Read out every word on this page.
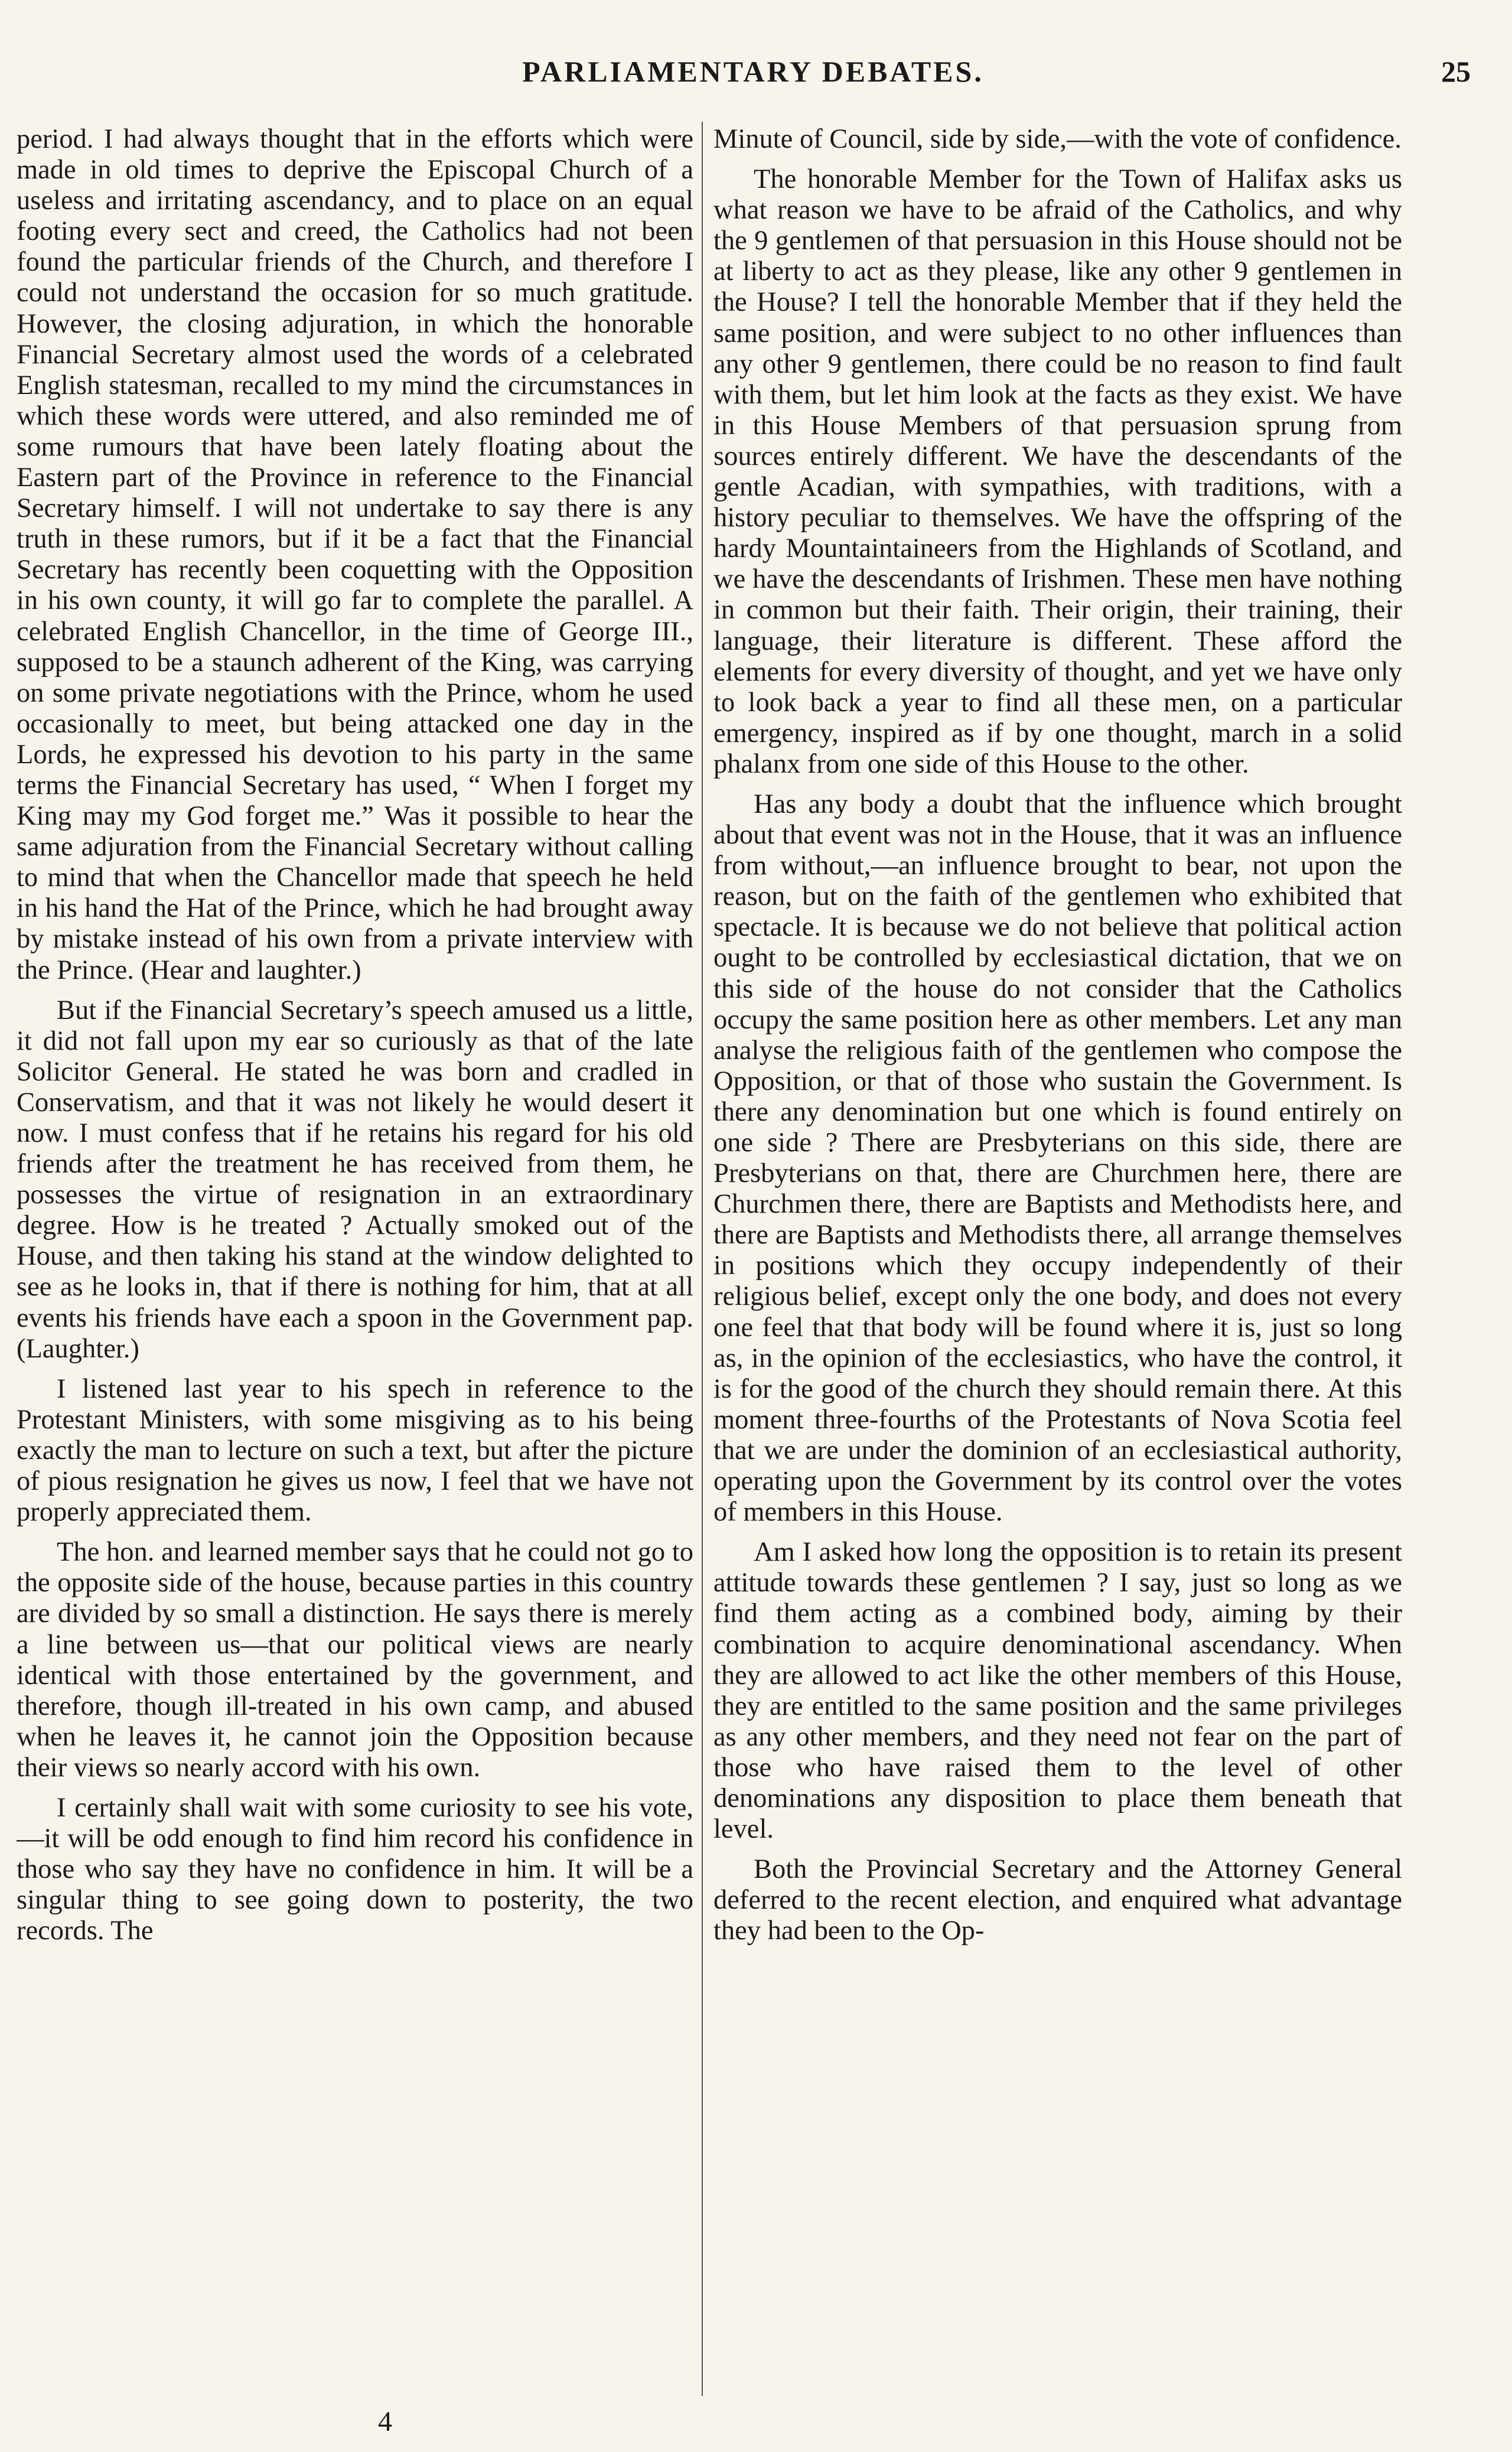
PARLIAMENTARY DEBATES.	25

period. I had always thought that in the efforts which were made in old times to deprive the Episcopal Church of a useless and irritating ascendancy, and to place on an equal footing every sect and creed, the Catholics had not been found the particular friends of the Church, and therefore I could not understand the occasion for so much gratitude. However, the closing adjuration, in which the honorable Financial Secretary almost used the words of a celebrated English statesman, recalled to my mind the circumstances in which these words were uttered, and also reminded me of some rumours that have been lately floating about the Eastern part of the Province in reference to the Financial Secretary himself. I will not undertake to say there is any truth in these rumors, but if it be a fact that the Financial Secretary has recently been coquetting with the Opposition in his own county, it will go far to complete the parallel. A celebrated English Chancellor, in the time of George III., supposed to be a staunch adherent of the King, was carrying on some private negotiations with the Prince, whom he used occasionally to meet, but being attacked one day in the Lords, he expressed his devotion to his party in the same terms the Financial Secretary has used, “ When I forget my King may my God forget me.” Was it possible to hear the same adjuration from the Financial Secretary without calling to mind that when the Chancellor made that speech he held in his hand the Hat of the Prince, which he had brought away by mistake instead of his own from a private interview with the Prince. (Hear and laughter.)

But if the Financial Secretary’s speech amused us a little, it did not fall upon my ear so curiously as that of the late Solicitor General. He stated he was born and cradled in Conservatism, and that it was not likely he would desert it now. I must confess that if he retains his regard for his old friends after the treatment he has received from them, he possesses the virtue of resignation in an extraordinary degree. How is he treated ? Actually smoked out of the House, and then taking his stand at the window delighted to see as he looks in, that if there is nothing for him, that at all events his friends have each a spoon in the Government pap. (Laughter.)

I listened last year to his spech in reference to the Protestant Ministers, with some misgiving as to his being exactly the man to lecture on such a text, but after the picture of pious resignation he gives us now, I feel that we have not properly appreciated them.

The hon. and learned member says that he could not go to the opposite side of the house, because parties in this country are divided by so small a distinction. He says there is merely a line between us—that our political views are nearly identical with those entertained by the government, and therefore, though ill-treated in his own camp, and abused when he leaves it, he cannot join the Opposition because their views so nearly accord with his own.

I certainly shall wait with some curiosity to see his vote,—it will be odd enough to find him record his confidence in those who say they have no confidence in him. It will be a singular thing to see going down to posterity, the two records. The

Minute of Council, side by side,—with the vote of confidence.

The honorable Member for the Town of Halifax asks us what reason we have to be afraid of the Catholics, and why the 9 gentlemen of that persuasion in this House should not be at liberty to act as they please, like any other 9 gentlemen in the House? I tell the honorable Member that if they held the same position, and were subject to no other influences than any other 9 gentlemen, there could be no reason to find fault with them, but let him look at the facts as they exist. We have in this House Members of that persuasion sprung from sources entirely different. We have the descendants of the gentle Acadian, with sympathies, with traditions, with a history peculiar to themselves. We have the offspring of the hardy Mountaintaineers from the Highlands of Scotland, and we have the descendants of Irishmen. These men have nothing in common but their faith. Their origin, their training, their language, their literature is different. These afford the elements for every diversity of thought, and yet we have only to look back a year to find all these men, on a particular emergency, inspired as if by one thought, march in a solid phalanx from one side of this House to the other.

Has any body a doubt that the influence which brought about that event was not in the House, that it was an influence from without,—an influence brought to bear, not upon the reason, but on the faith of the gentlemen who exhibited that spectacle. It is because we do not believe that political action ought to be controlled by ecclesiastical dictation, that we on this side of the house do not consider that the Catholics occupy the same position here as other members. Let any man analyse the religious faith of the gentlemen who compose the Opposition, or that of those who sustain the Government. Is there any denomination but one which is found entirely on one side ? There are Presbyterians on this side, there are Presbyterians on that, there are Churchmen here, there are Churchmen there, there are Baptists and Methodists here, and there are Baptists and Methodists there, all arrange themselves in positions which they occupy independently of their religious belief, except only the one body, and does not every one feel that that body will be found where it is, just so long as, in the opinion of the ecclesiastics, who have the control, it is for the good of the church they should remain there. At this moment three-fourths of the Protestants of Nova Scotia feel that we are under the dominion of an ecclesiastical authority, operating upon the Government by its control over the votes of members in this House.

Am I asked how long the opposition is to retain its present attitude towards these gentlemen ? I say, just so long as we find them acting as a combined body, aiming by their combination to acquire denominational ascendancy. When they are allowed to act like the other members of this House, they are entitled to the same position and the same privileges as any other members, and they need not fear on the part of those who have raised them to the level of other denominations any disposition to place them beneath that level.

Both the Provincial Secretary and the Attorney General deferred to the recent election, and enquired what advantage they had been to the Op-

4
